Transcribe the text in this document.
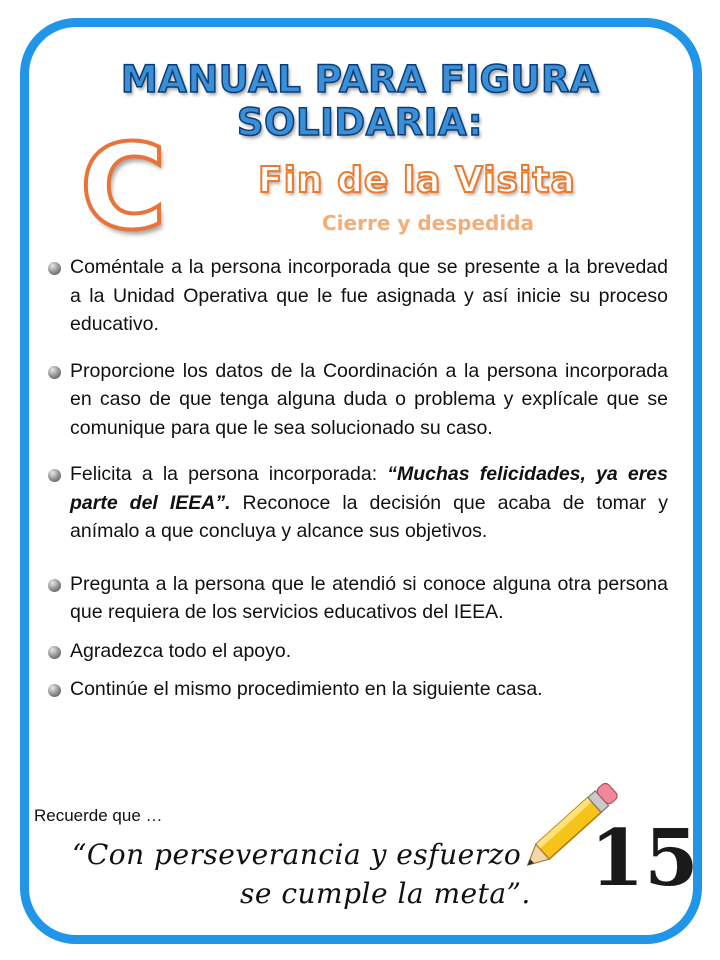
MANUAL PARA FIGURA SOLIDARIA:
C	Fin de la Visita
Cierre y despedida
Coméntale a la persona incorporada que se presente a la brevedad a la Unidad Operativa que le fue asignada y así inicie su proceso educativo.
Proporcione los datos de la Coordinación a la persona incorporada en caso de que tenga alguna duda o problema y explícale que se comunique para que le sea solucionado su caso.
Felicita a la persona incorporada: “Muchas felicidades, ya eres parte del IEEA”. Reconoce la decisión que acaba de tomar y anímalo a que concluya y alcance sus objetivos.
Pregunta a la persona que le atendió si conoce alguna otra persona que requiera de los servicios educativos del IEEA.
Agradezca todo el apoyo.
Continúe el mismo procedimiento en la siguiente casa.
Recuerde que …
“Con perseverancia y esfuerzo
se cumple la meta”. 15
